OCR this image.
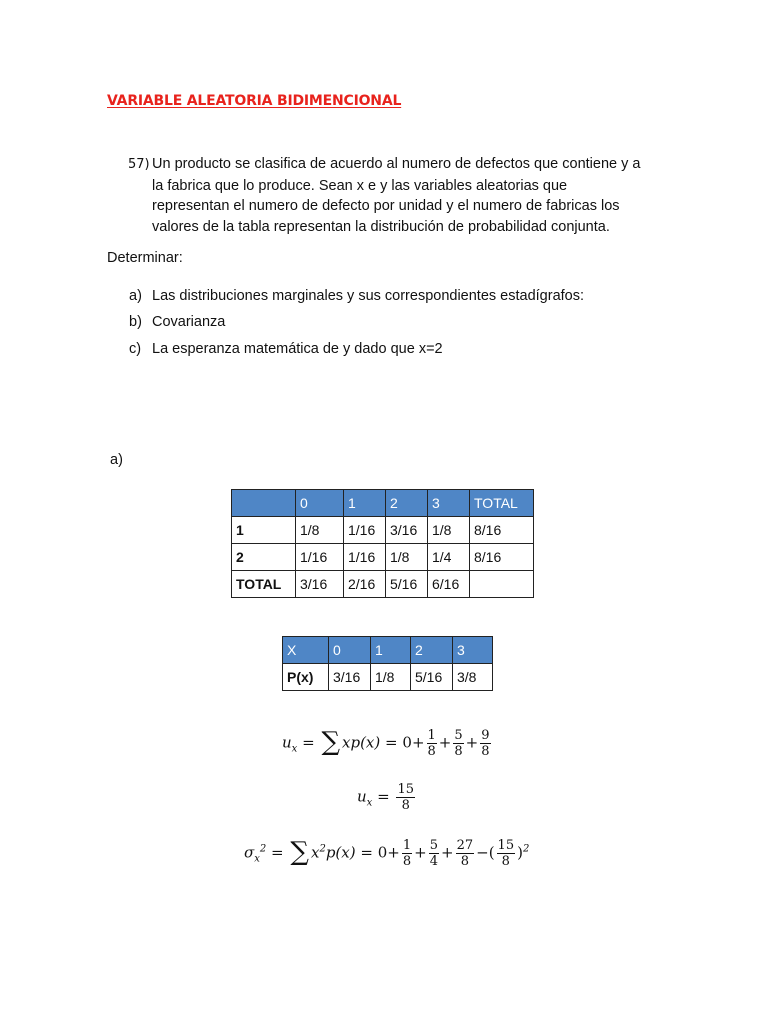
VARIABLE ALEATORIA BIDIMENCIONAL
57) Un producto se clasifica de acuerdo al numero de defectos que contiene y a
la fabrica que lo produce. Sean x e y las variables aleatorias que
representan el numero de defecto por unidad y el numero de fabricas los
valores de la tabla representan la distribución de probabilidad conjunta.
Determinar:
a) Las distribuciones marginales y sus correspondientes estadígrafos:
b) Covarianza
c) La esperanza matemática de y dado que x=2
a)
	0	1	2	3	TOTAL
1	1/8	1/16	3/16	1/8	8/16
2	1/16	1/16	1/8	1/4	8/16
TOTAL	3/16	2/16	5/16	6/16	
X	0	1	2	3
P(x)	3/16	1/8	5/16	3/8
$u_x$ = ∑ $xp(x) = 0+ \frac{1}{8} + \frac{5}{8} + \frac{9}{8}$
$u_x = \frac{15}{8}$
$\sigma_x^2$ = ∑ $x^2p(x) = 0+ \frac{1}{8} + \frac{5}{4} + \frac{27}{8}$ −( $\frac{15}{8} )^2$
